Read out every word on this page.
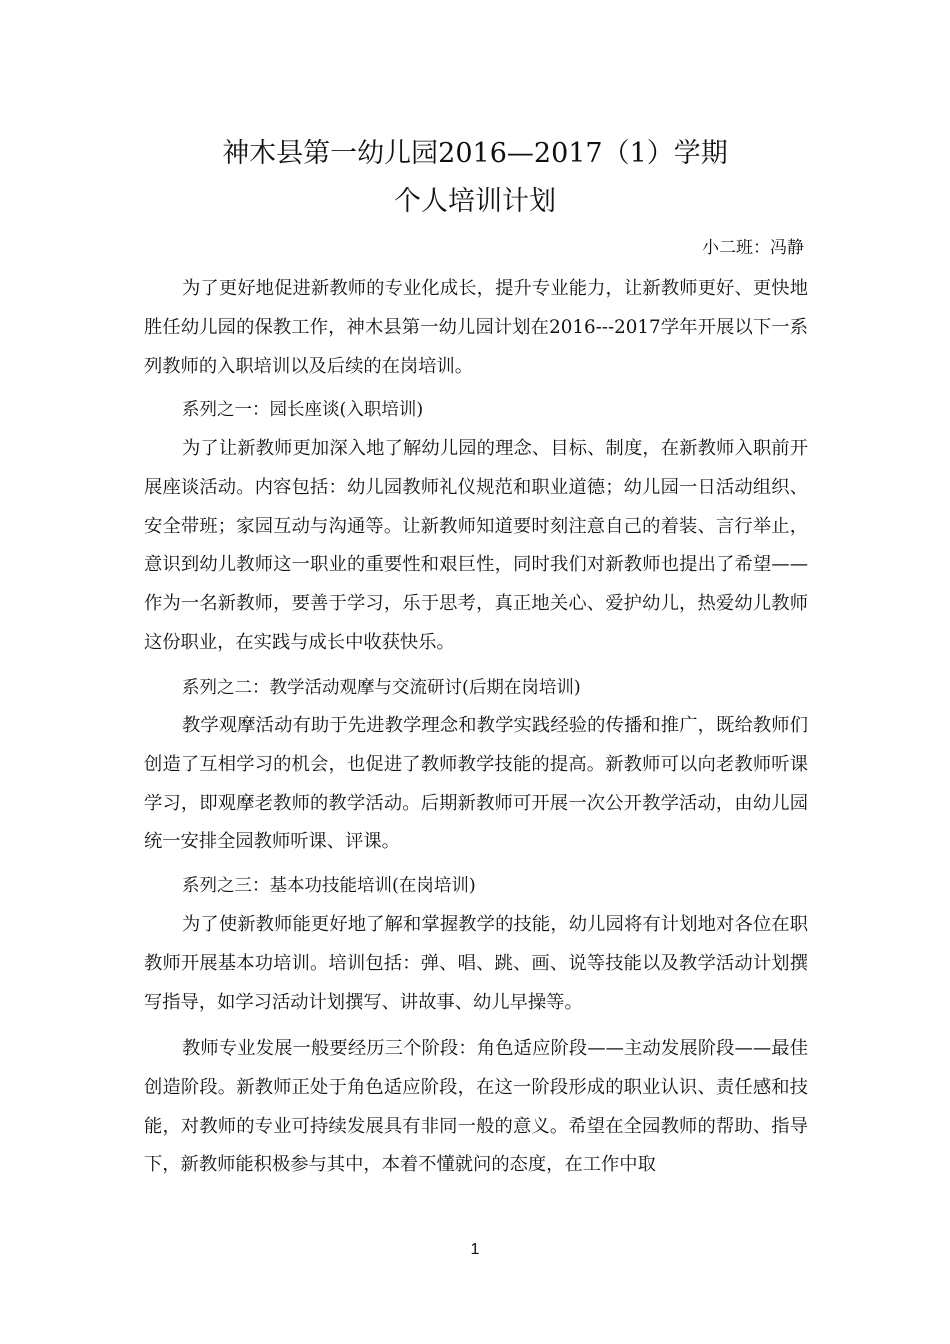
神木县第一幼儿园2016—2017（1）学期
个人培训计划
小二班：冯静

为了更好地促进新教师的专业化成长，提升专业能力，让新教师更好、更快地胜任幼儿园的保教工作，神木县第一幼儿园计划在2016---2017学年开展以下一系列教师的入职培训以及后续的在岗培训。

系列之一：园长座谈(入职培训)

为了让新教师更加深入地了解幼儿园的理念、目标、制度，在新教师入职前开展座谈活动。内容包括：幼儿园教师礼仪规范和职业道德；幼儿园一日活动组织、安全带班；家园互动与沟通等。让新教师知道要时刻注意自己的着装、言行举止，意识到幼儿教师这一职业的重要性和艰巨性，同时我们对新教师也提出了希望——作为一名新教师，要善于学习，乐于思考，真正地关心、爱护幼儿，热爱幼儿教师这份职业，在实践与成长中收获快乐。

系列之二：教学活动观摩与交流研讨(后期在岗培训)

教学观摩活动有助于先进教学理念和教学实践经验的传播和推广，既给教师们创造了互相学习的机会，也促进了教师教学技能的提高。新教师可以向老教师听课学习，即观摩老教师的教学活动。后期新教师可开展一次公开教学活动，由幼儿园统一安排全园教师听课、评课。

系列之三：基本功技能培训(在岗培训)

为了使新教师能更好地了解和掌握教学的技能，幼儿园将有计划地对各位在职教师开展基本功培训。培训包括：弹、唱、跳、画、说等技能以及教学活动计划撰写指导，如学习活动计划撰写、讲故事、幼儿早操等。

教师专业发展一般要经历三个阶段：角色适应阶段——主动发展阶段——最佳创造阶段。新教师正处于角色适应阶段，在这一阶段形成的职业认识、责任感和技能，对教师的专业可持续发展具有非同一般的意义。希望在全园教师的帮助、指导下，新教师能积极参与其中，本着不懂就问的态度，在工作中取

1
